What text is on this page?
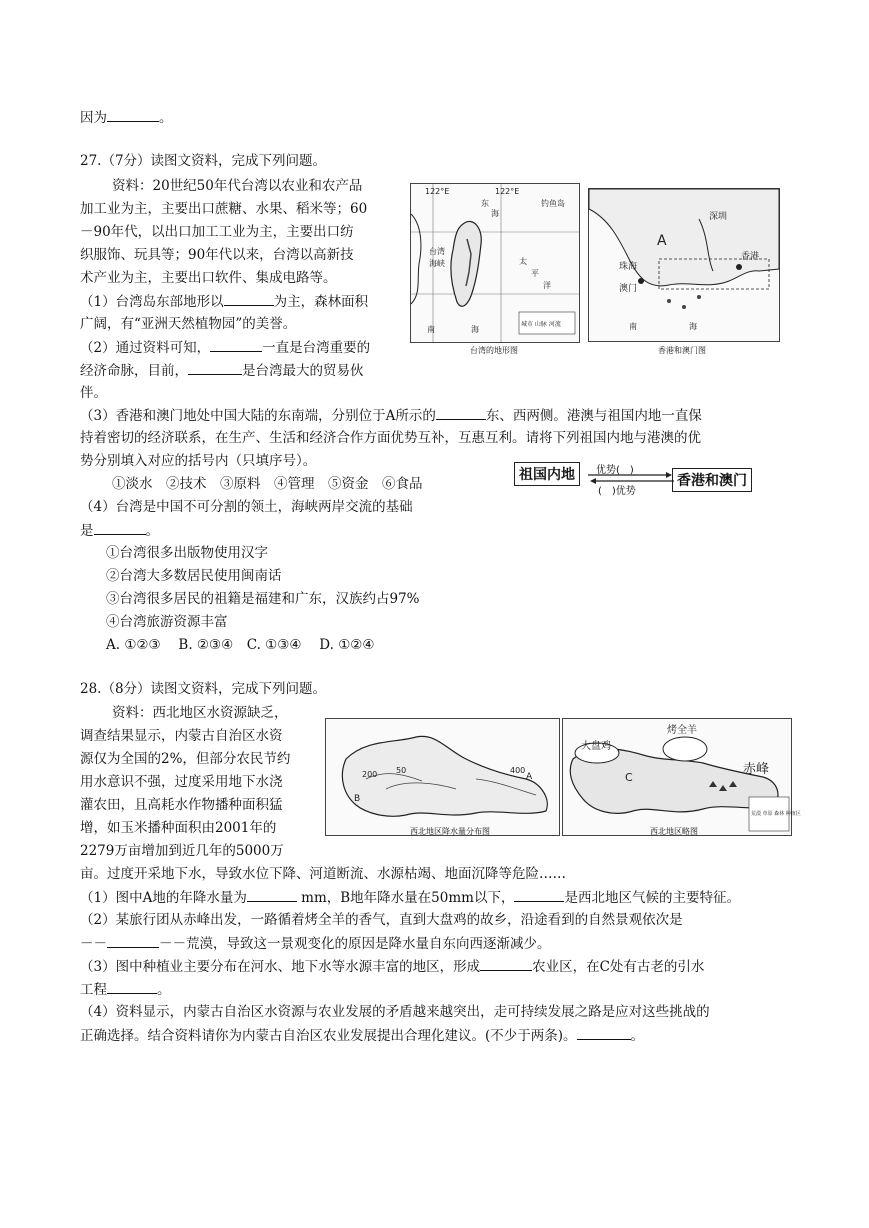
因为	。
27.（7分）读图文资料，完成下列问题。
资料：20世纪50年代台湾以农业和农产品
加工业为主，主要出口蔗糖、水果、稻米等；60
－90年代，以出口加工工业为主，主要出口纺
织服饰、玩具等；90年代以来，台湾以高新技
术产业为主，主要出口软件、集成电路等。
（1）台湾岛东部地形以	为主，森林面积
广阔，有“亚洲天然植物园”的美誉。
（2）通过资料可知，	一直是台湾重要的
经济命脉，目前，	是台湾最大的贸易伙
伴。
122°E	122°E
东
海
钓鱼岛
台湾
海峡	太
平
洋
南	海
城市 山脉 河流
台湾的地形图
A
深圳
珠海
澳门
香港
南	海
香港和澳门图
（3）香港和澳门地处中国大陆的东南端，分别位于A所示的	东、西两侧。港澳与祖国内地一直保
持着密切的经济联系，在生产、生活和经济合作方面优势互补，互惠互利。请将下列祖国内地与港澳的优
势分别填入对应的括号内（只填序号）。
①淡水　②技术　③原料　④管理　⑤资金　⑥食品
祖国内地	香港和澳门
优势(　)
(　)优势
（4）台湾是中国不可分割的领土，海峡两岸交流的基础
是	。
①台湾很多出版物使用汉字
②台湾大多数居民使用闽南话
③台湾很多居民的祖籍是福建和广东，汉族约占97%
④台湾旅游资源丰富
A. ①②③　 B. ②③④　C. ①③④　 D. ①②④
28.（8分）读图文资料，完成下列问题。
资料：西北地区水资源缺乏，
调查结果显示，内蒙古自治区水资
源仅为全国的2%，但部分农民节约
用水意识不强，过度采用地下水浇
灌农田，且高耗水作物播种面积猛
增，如玉米播种面积由2001年的
2279万亩增加到近几年的5000万
亩。过度开采地下水，导致水位下降、河道断流、水源枯竭、地面沉降等危险……
A
B
200 50	400
西北地区降水量分布图
烤全羊
大盘鸡
C
赤峰
荒漠 草原 森林 种植区
西北地区略图
（1）图中A地的年降水量为	mm，B地年降水量在50mm以下，	是西北地区气候的主要特征。
（2）某旅行团从赤峰出发，一路循着烤全羊的香气，直到大盘鸡的故乡，沿途看到的自然景观依次是
－－	－－荒漠，导致这一景观变化的原因是降水量自东向西逐渐减少。
（3）图中种植业主要分布在河水、地下水等水源丰富的地区，形成	农业区，在C处有古老的引水
工程	。
（4）资料显示，内蒙古自治区水资源与农业发展的矛盾越来越突出，走可持续发展之路是应对这些挑战的
正确选择。结合资料请你为内蒙古自治区农业发展提出合理化建议。(不少于两条)。	。
